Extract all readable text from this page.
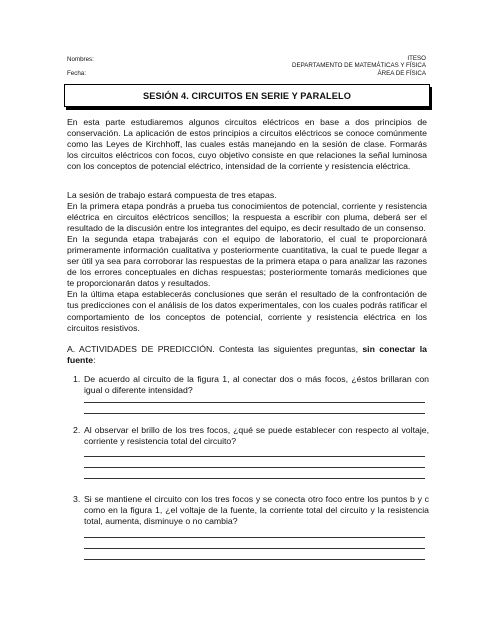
Nombres:
Fecha:
ITESO
DEPARTAMENTO DE MATEMÁTICAS Y FÍSICA
ÁREA DE FÍSICA
SESIÓN 4. CIRCUITOS EN SERIE Y PARALELO
En esta parte estudiaremos algunos circuitos eléctricos en base a dos principios de conservación. La aplicación de estos principios a circuitos eléctricos se conoce comúnmente como las Leyes de Kirchhoff, las cuales estás manejando en la sesión de clase. Formarás los circuitos eléctricos con focos, cuyo objetivo consiste en que relaciones la señal luminosa con los conceptos de potencial eléctrico, intensidad de la corriente y resistencia eléctrica.
La sesión de trabajo estará compuesta de tres etapas.
En la primera etapa pondrás a prueba tus conocimientos de potencial, corriente y resistencia eléctrica en circuitos eléctricos sencillos; la respuesta a escribir con pluma, deberá ser el resultado de la discusión entre los integrantes del equipo, es decir resultado de un consenso.
En la segunda etapa trabajarás con el equipo de laboratorio, el cual te proporcionará primeramente información cualitativa y posteriormente cuantitativa, la cual te puede llegar a ser útil ya sea para corroborar las respuestas de la primera etapa o para analizar las razones de los errores conceptuales en dichas respuestas; posteriormente tomarás mediciones que te proporcionarán datos y resultados.
En la última etapa establecerás conclusiones que serán el resultado de la confrontación de tus predicciones con el análisis de los datos experimentales, con los cuales podrás ratificar el comportamiento de los conceptos de potencial, corriente y resistencia eléctrica en los circuitos resistivos.
A. ACTIVIDADES DE PREDICCIÓN. Contesta las siguientes preguntas, sin conectar la fuente:
1. De acuerdo al circuito de la figura 1, al conectar dos o más focos, ¿éstos brillaran con igual o diferente intensidad?
2. Al observar el brillo de los tres focos, ¿qué se puede establecer con respecto al voltaje, corriente y resistencia total del circuito?
3. Si se mantiene el circuito con los tres focos y se conecta otro foco entre los puntos b y c como en la figura 1, ¿el voltaje de la fuente, la corriente total del circuito y la resistencia total, aumenta, disminuye o no cambia?
